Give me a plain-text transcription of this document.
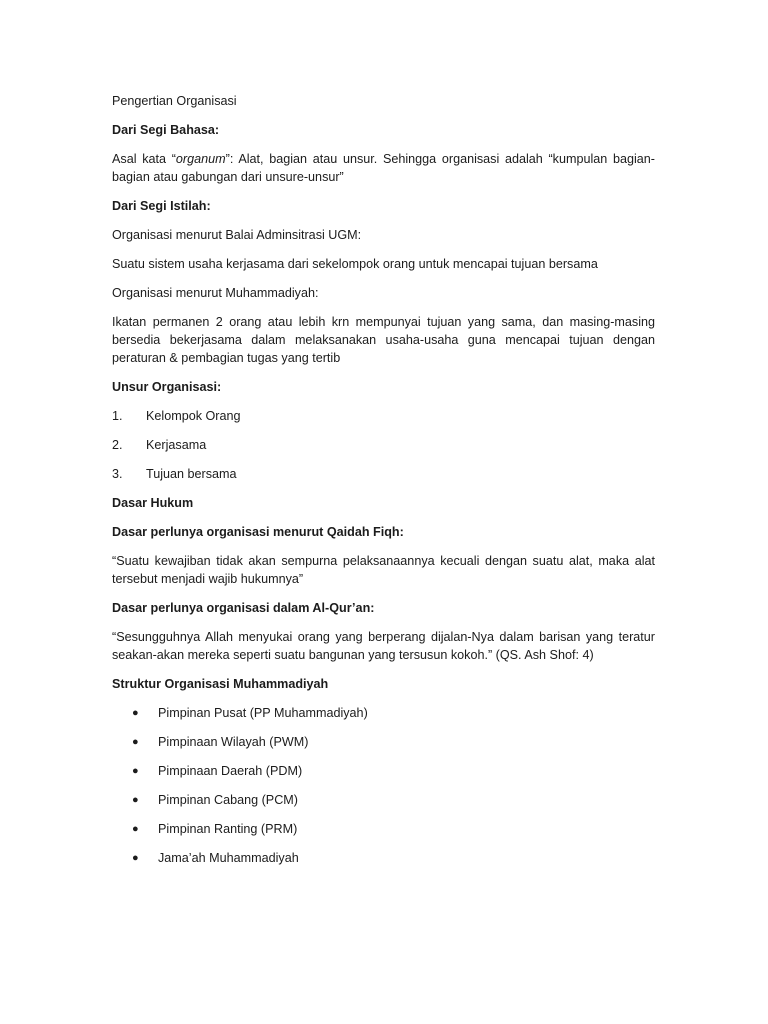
Pengertian Organisasi

Dari Segi Bahasa:

Asal kata “organum”: Alat, bagian atau unsur. Sehingga organisasi adalah “kumpulan bagian-bagian atau gabungan dari unsure-unsur”

Dari Segi Istilah:

Organisasi menurut Balai Adminsitrasi UGM:

Suatu sistem usaha kerjasama dari sekelompok orang untuk mencapai tujuan bersama

Organisasi menurut Muhammadiyah:

Ikatan permanen 2 orang atau lebih krn mempunyai tujuan yang sama, dan masing-masing bersedia bekerjasama dalam melaksanakan usaha-usaha guna mencapai tujuan dengan peraturan & pembagian tugas yang tertib

Unsur Organisasi:

1. Kelompok Orang
2. Kerjasama
3. Tujuan bersama

Dasar Hukum

Dasar perlunya organisasi menurut Qaidah Fiqh:

“Suatu kewajiban tidak akan sempurna pelaksanaannya kecuali dengan suatu alat, maka alat tersebut menjadi wajib hukumnya”

Dasar perlunya organisasi dalam Al-Qur’an:

“Sesungguhnya Allah menyukai orang yang berperang dijalan-Nya dalam barisan yang teratur seakan-akan mereka seperti suatu bangunan yang tersusun kokoh.” (QS. Ash Shof: 4)

Struktur Organisasi Muhammadiyah

● Pimpinan Pusat (PP Muhammadiyah)
● Pimpinaan Wilayah (PWM)
● Pimpinaan Daerah (PDM)
● Pimpinan Cabang (PCM)
● Pimpinan Ranting (PRM)
● Jama’ah Muhammadiyah
